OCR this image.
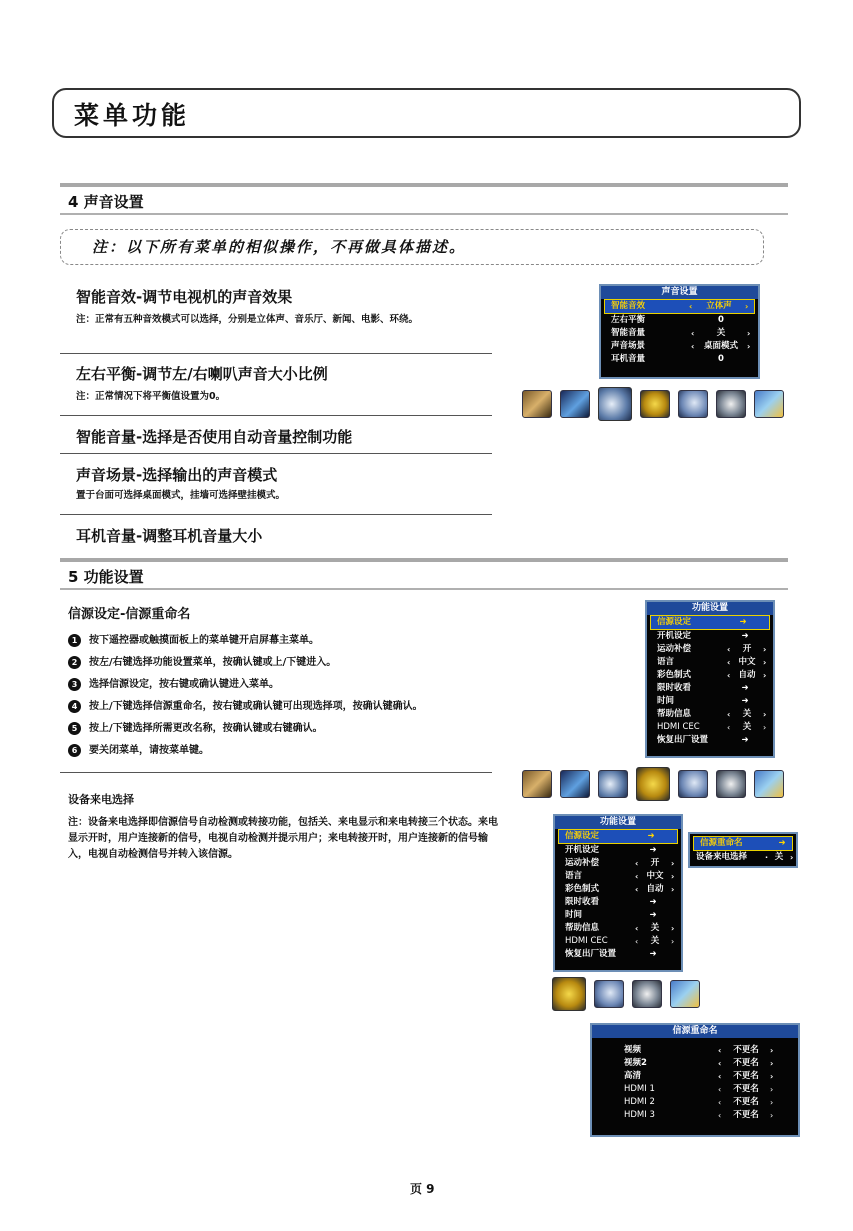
菜单功能
4 声音设置
注：以下所有菜单的相似操作，不再做具体描述。
智能音效-调节电视机的声音效果
注：正常有五种音效模式可以选择，分别是立体声、音乐厅、新闻、电影、环绕。
左右平衡-调节左/右喇叭声音大小比例
注：正常情况下将平衡值设置为0。
智能音量-选择是否使用自动音量控制功能
声音场景-选择输出的声音模式
置于台面可选择桌面模式，挂墙可选择壁挂模式。
耳机音量-调整耳机音量大小
声音设置
智能音效	‹	立体声	›
左右平衡	0
智能音量	‹	关	›
声音场景	‹	桌面模式	›
耳机音量	0
5 功能设置
信源设定-信源重命名
1 按下遥控器或触摸面板上的菜单键开启屏幕主菜单。
2 按左/右键选择功能设置菜单，按确认键或上/下键进入。
3 选择信源设定，按右键或确认键进入菜单。
4 按上/下键选择信源重命名，按右键或确认键可出现选择项，按确认键确认。
5 按上/下键选择所需更改名称，按确认键或右键确认。
6 要关闭菜单，请按菜单键。
设备来电选择
注：设备来电选择即信源信号自动检测或转接功能，包括关、来电显示和来电转接三个状态。来电显示开时，用户连接新的信号，电视自动检测并提示用户；来电转接开时，用户连接新的信号输入，电视自动检测信号并转入该信源。
功能设置
信源设定	➜
开机设定	➜
运动补偿	‹	开	›
语言	‹ 中文 ›
彩色制式	‹ 自动 ›
限时收看	➜
时间	➜
帮助信息	‹	关	›
HDMI CEC	‹	关	›
恢复出厂设置	➜
功能设置
信源设定	➜
开机设定	➜
运动补偿	‹	开	›
语言	‹ 中文 ›
彩色制式	‹ 自动 ›
限时收看	➜
时间	➜
帮助信息	‹	关	›
HDMI CEC	‹	关	›
恢复出厂设置	➜
信源重命名	➜
设备来电选择 · 关 ›
信源重命名
视频	‹	不更名	›
视频2	‹	不更名	›
高清	‹	不更名	›
HDMI 1	‹	不更名	›
HDMI 2	‹	不更名	›
HDMI 3	‹	不更名	›
页 9
